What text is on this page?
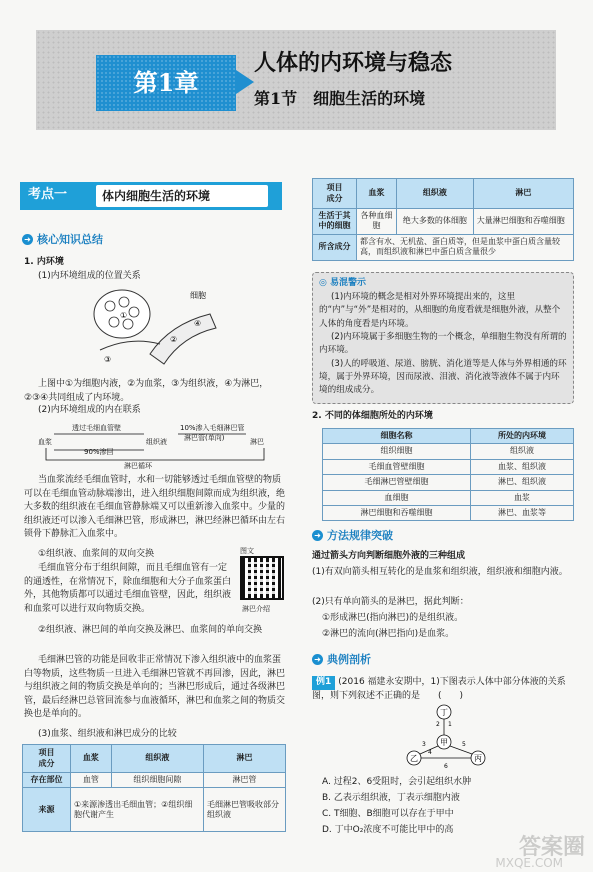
第1章
人体的内环境与稳态
第1节　细胞生活的环境
考点一	体内细胞生活的环境
➜ 核心知识总结
1. 内环境
(1)内环境组成的位置关系
细胞
①
②
③
④
上图中①为细胞内液，②为血浆，③为组织液，④为淋巴，②③④共同组成了内环境。
(2)内环境组成的内在联系
透过毛细血管壁
组织液
10%渗入毛细淋巴管
淋巴管(单向)
90%渗回
血浆	淋巴
淋巴循环
当血浆流经毛细血管时，水和一切能够透过毛细血管壁的物质可以在毛细血管动脉端渗出，进入组织细胞间隙而成为组织液，绝大多数的组织液在毛细血管静脉端又可以重新渗入血浆中。少量的组织液还可以渗入毛细淋巴管，形成淋巴，淋巴经淋巴循环由左右锁骨下静脉汇入血浆中。
①组织液、血浆间的双向交换
毛细血管分布于组织间隙，而且毛细血管有一定的通透性，在常情况下，除血细胞和大分子血浆蛋白外，其他物质都可以通过毛细血管壁，因此，组织液和血浆可以进行双向物质交换。
图文
淋巴介绍
②组织液、淋巴间的单向交换及淋巴、血浆间的单向交换
毛细淋巴管的功能是回收非正常情况下渗入组织液中的血浆蛋白等物质，这些物质一旦进入毛细淋巴管就不再回渗，因此，淋巴与组织液之间的物质交换是单向的；当淋巴形成后，通过各级淋巴管，最后经淋巴总管回流参与血液循环，淋巴和血浆之间的物质交换也是单向的。
(3)血浆、组织液和淋巴成分的比较
项目
成分	血浆	组织液	淋巴
存在部位	血管	组织细胞间隙	淋巴管
来源	①来源渗透出毛细血管；②组织细胞代谢产生		毛细淋巴管吸收部分组织液
项目
成分	血浆	组织液	淋巴
生活于其中的细胞	各种血细胞	绝大多数的体细胞	大量淋巴细胞和吞噬细胞
所含成分	都含有水、无机盐、蛋白质等，但是血浆中蛋白质含量较高，而组织液和淋巴中蛋白质含量很少		
◎ 易混警示

(1)内环境的概念是相对外界环境提出来的，这里的“内”与“外”是相对的，从细胞的角度看就是细胞外液，从整个人体的角度看是内环境。

(2)内环境属于多细胞生物的一个概念，单细胞生物没有所谓的内环境。

(3)人的呼吸道、尿道、膀胱、消化道等是人体与外界相通的环境，属于外界环境，因而尿液、泪液、消化液等液体不属于内环境的组成成分。

2. 不同的体细胞所处的内环境
细胞名称	所处的内环境
组织细胞	组织液
毛细血管壁细胞	血浆、组织液
毛细淋巴管壁细胞	淋巴、组织液
血细胞	血浆
淋巴细胞和吞噬细胞	淋巴、血浆等
➜ 方法规律突破
通过箭头方向判断细胞外液的三种组成
(1)有双向箭头相互转化的是血浆和组织液，组织液和细胞内液。
(2)只有单向箭头的是淋巴，据此判断：
①形成淋巴(指向淋巴)的是组织液。
②淋巴的流向(淋巴指向)是血浆。
➜ 典例剖析
例1 (2016 福建永安期中，1)下图表示人体中部分体液的关系图，则下列叙述不正确的是　　(　　)
丁
乙
甲
丙
1
2
3
4
5
6
A. 过程2、6受阻时，会引起组织水肿
B. 乙表示组织液，丁表示细胞内液
C. T细胞、B细胞可以存在于甲中
D. 丁中O₂浓度不可能比甲中的高
答案圈
MXQE.COM
